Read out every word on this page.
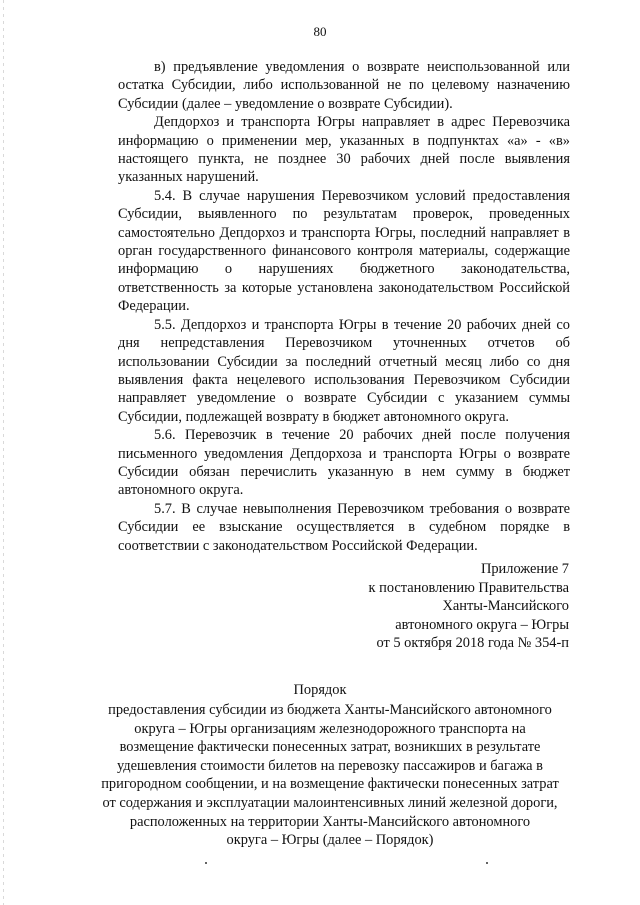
80

в) предъявление уведомления о возврате неиспользованной или остатка Субсидии, либо использованной не по целевому назначению Субсидии (далее – уведомление о возврате Субсидии).

Депдорхоз и транспорта Югры направляет в адрес Перевозчика информацию о применении мер, указанных в подпунктах «а» - «в» настоящего пункта, не позднее 30 рабочих дней после выявления указанных нарушений.

5.4. В случае нарушения Перевозчиком условий предоставления Субсидии, выявленного по результатам проверок, проведенных самостоятельно Депдорхоз и транспорта Югры, последний направляет в орган государственного финансового контроля материалы, содержащие информацию о нарушениях бюджетного законодательства, ответственность за которые установлена законодательством Российской Федерации.

5.5. Депдорхоз и транспорта Югры в течение 20 рабочих дней со дня непредставления Перевозчиком уточненных отчетов об использовании Субсидии за последний отчетный месяц либо со дня выявления факта нецелевого использования Перевозчиком Субсидии направляет уведомление о возврате Субсидии с указанием суммы Субсидии, подлежащей возврату в бюджет автономного округа.

5.6. Перевозчик в течение 20 рабочих дней после получения письменного уведомления Депдорхоза и транспорта Югры о возврате Субсидии обязан перечислить указанную в нем сумму в бюджет автономного округа.

5.7. В случае невыполнения Перевозчиком требования о возврате Субсидии ее взыскание осуществляется в судебном порядке в соответствии с законодательством Российской Федерации.

Приложение 7
к постановлению Правительства
Ханты-Мансийского
автономного округа – Югры
от 5 октября 2018 года № 354-п
Порядок
предоставления субсидии из бюджета Ханты-Мансийского автономного
округа – Югры организациям железнодорожного транспорта на
возмещение фактически понесенных затрат, возникших в результате
удешевления стоимости билетов на перевозку пассажиров и багажа в
пригородном сообщении, и на возмещение фактически понесенных затрат
от содержания и эксплуатации малоинтенсивных линий железной дороги,
расположенных на территории Ханты-Мансийского автономного
округа – Югры (далее – Порядок)
